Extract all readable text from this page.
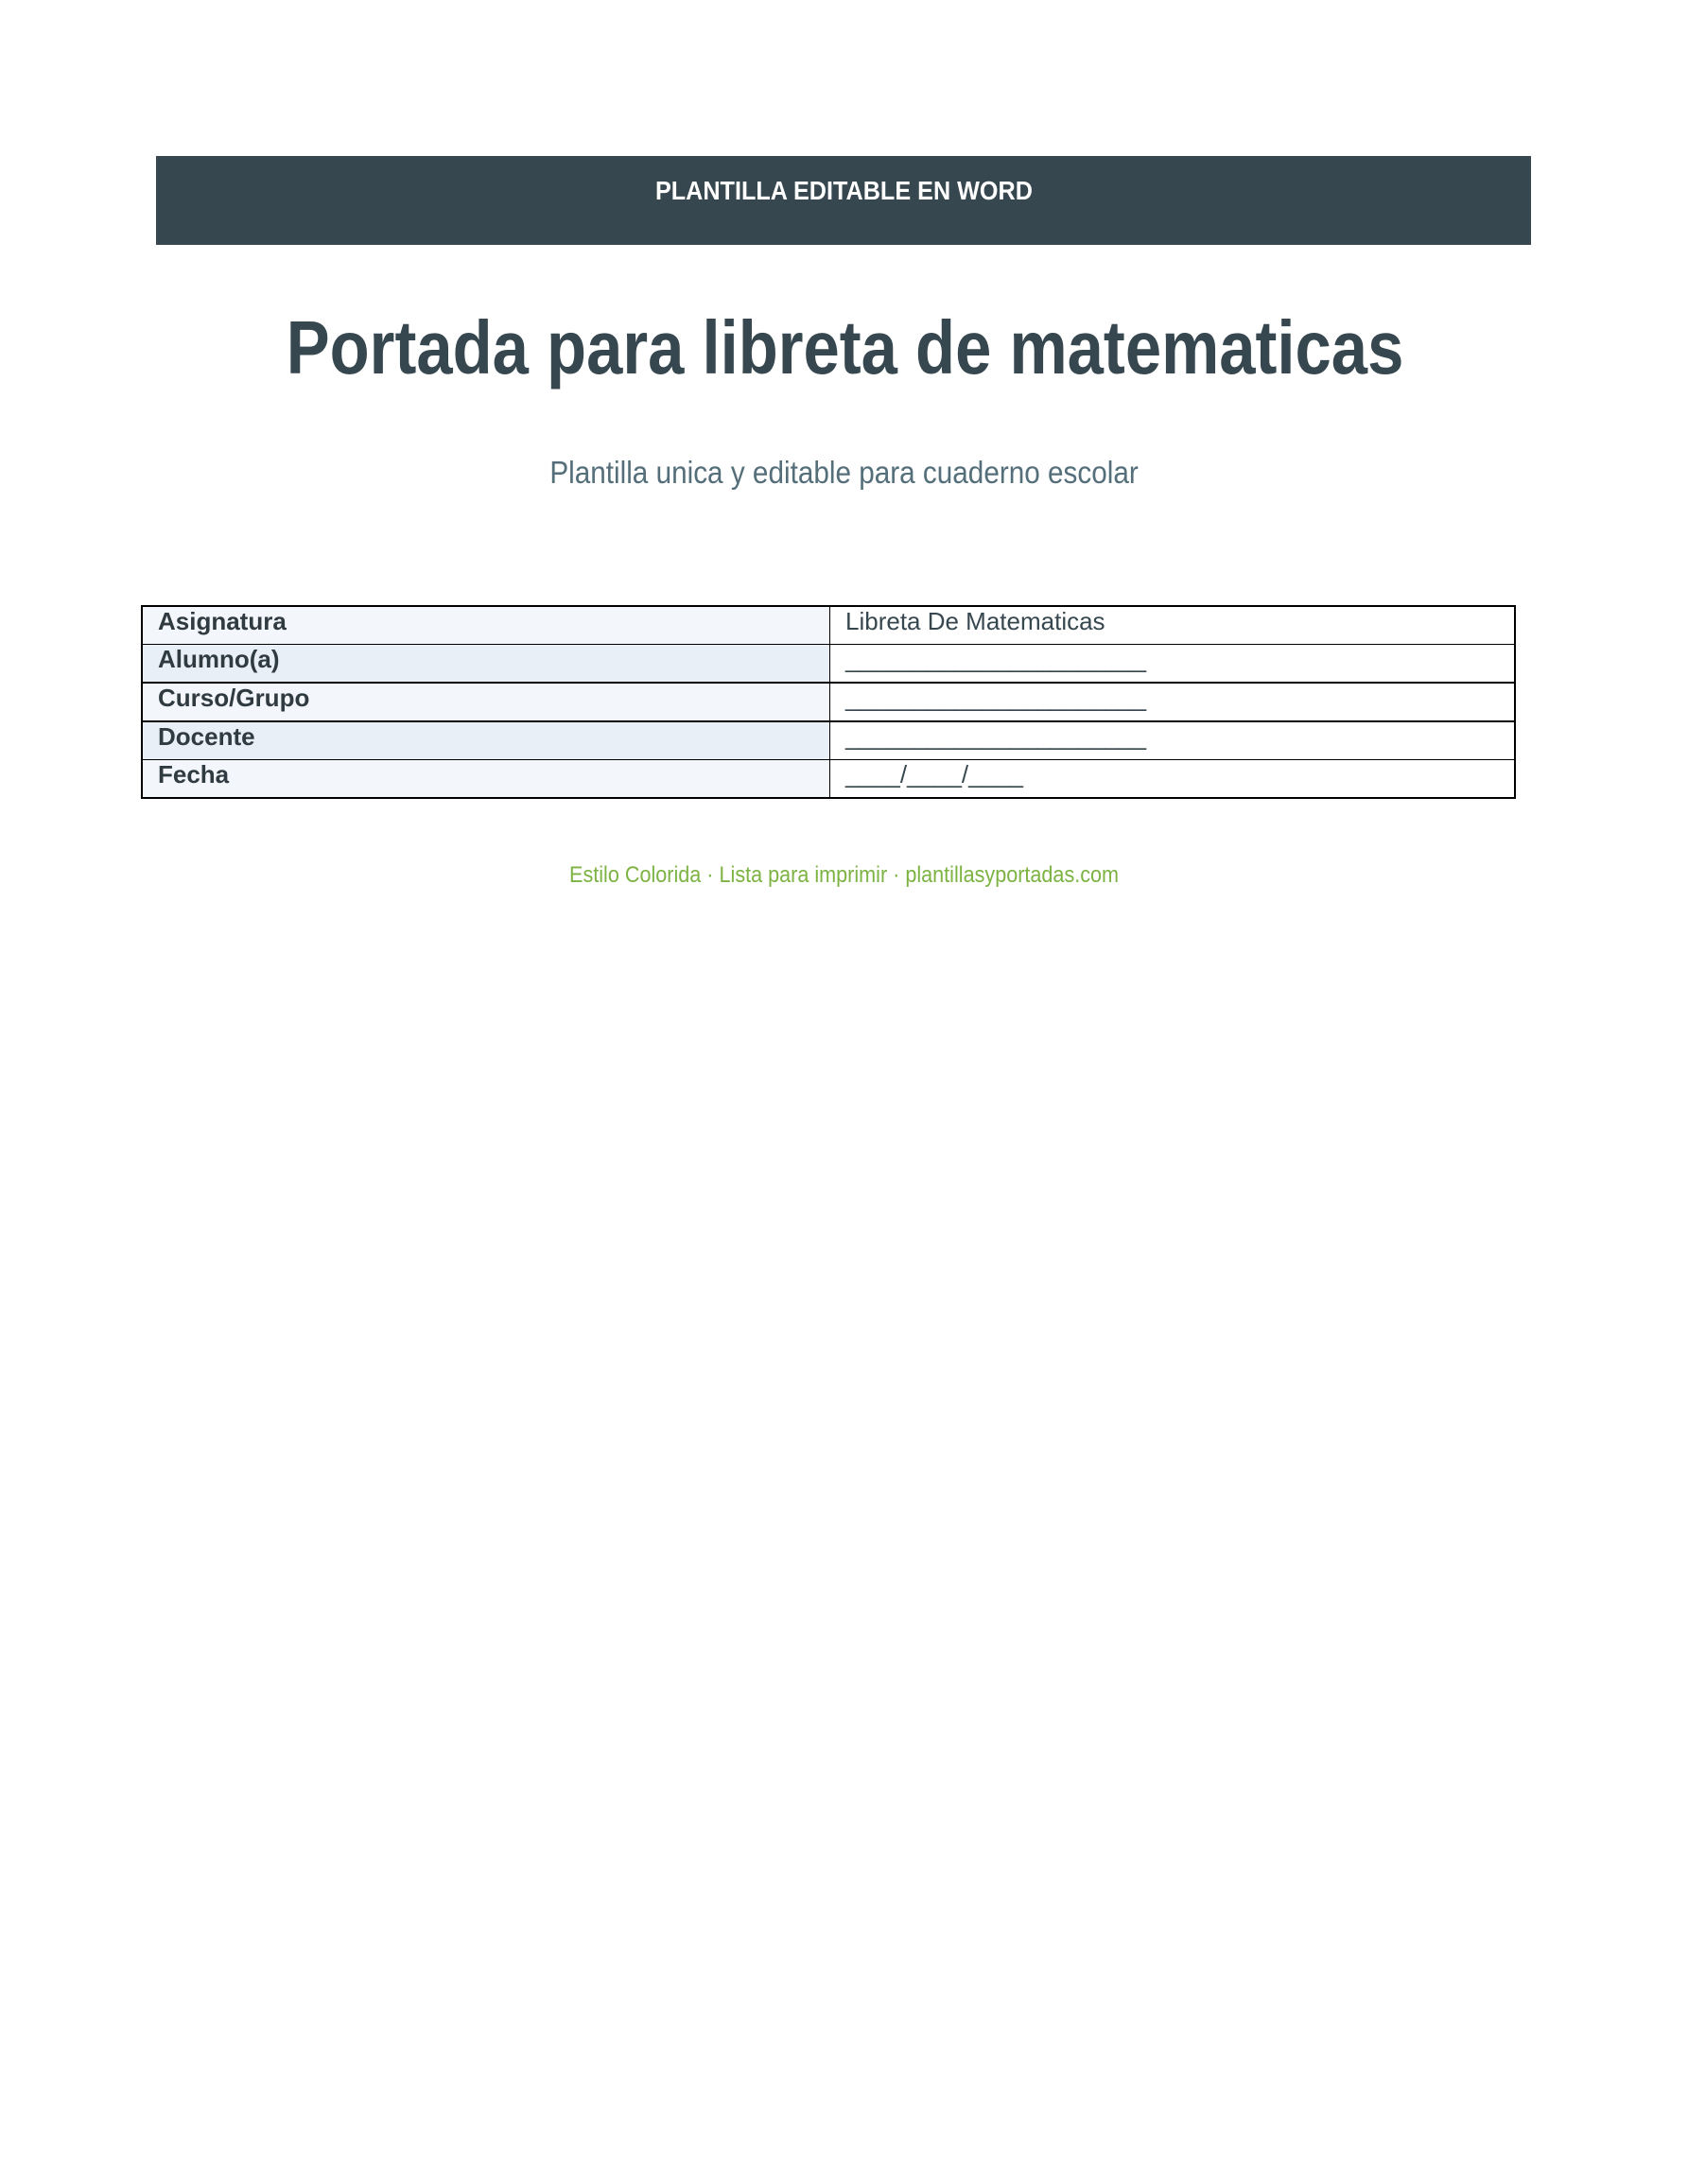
PLANTILLA EDITABLE EN WORD
Portada para libreta de matematicas
Plantilla unica y editable para cuaderno escolar
Asignatura	Libreta De Matematicas
Alumno(a)	______________________
Curso/Grupo	______________________
Docente	______________________
Fecha	____/____/____
Estilo Colorida · Lista para imprimir · plantillasyportadas.com
